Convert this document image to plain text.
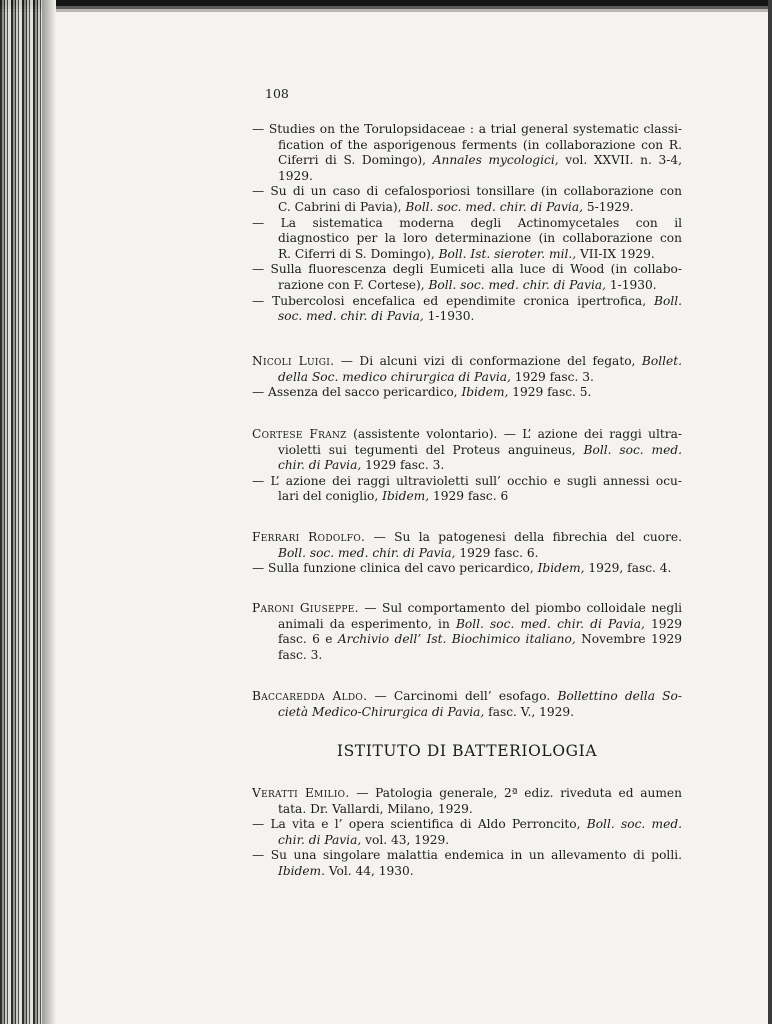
108
— Studies on the Torulopsidaceae : a trial general systematic classi-
fication of the asporigenous ferments (in collaborazione con R.
Ciferri di S. Domingo), Annales mycologici, vol. XXVII. n. 3-4,
1929.
— Su di un caso di cefalosporiosi tonsillare (in collaborazione con
C. Cabrini di Pavia), Boll. soc. med. chir. di Pavia, 5-1929.
— La sistematica moderna degli Actinomycetales con il
diagnostico per la loro determinazione (in collaborazione con
R. Ciferri di S. Domingo), Boll. Ist. sieroter. mil., VII-IX 1929.
— Sulla fluorescenza degli Eumiceti alla luce di Wood (in collabo-
razione con F. Cortese), Boll. soc. med. chir. di Pavia, 1-1930.
— Tubercolosi encefalica ed ependimite cronica ipertrofica, Boll.
soc. med. chir. di Pavia, 1-1930.
Nicoli Luigi. — Di alcuni vizi di conformazione del fegato, Bollet.
della Soc. medico chirurgica di Pavia, 1929 fasc. 3.
— Assenza del sacco pericardico, Ibidem, 1929 fasc. 5.
Cortese Franz (assistente volontario). — L’ azione dei raggi ultra-
violetti sui tegumenti del Proteus anguineus, Boll. soc. med.
chir. di Pavia, 1929 fasc. 3.
— L’ azione dei raggi ultravioletti sull’ occhio e sugli annessi ocu-
lari del coniglio, Ibidem, 1929 fasc. 6
Ferrari Rodolfo. — Su la patogenesi della fibrechia del cuore.
Boll. soc. med. chir. di Pavia, 1929 fasc. 6.
— Sulla funzione clinica del cavo pericardico, Ibidem, 1929, fasc. 4.
Paroni Giuseppe. — Sul comportamento del piombo colloidale negli
animali da esperimento, in Boll. soc. med. chir. di Pavia, 1929
fasc. 6 e Archivio dell’ Ist. Biochimico italiano, Novembre 1929
fasc. 3.
Baccaredda Aldo. — Carcinomi dell’ esofago. Bollettino della So-
cietà Medico-Chirurgica di Pavia, fasc. V., 1929.
ISTITUTO DI BATTERIOLOGIA
Veratti Emilio. — Patologia generale, 2ª ediz. riveduta ed aumen
tata. Dr. Vallardi, Milano, 1929.
— La vita e l’ opera scientifica di Aldo Perroncito, Boll. soc. med.
chir. di Pavia, vol. 43, 1929.
— Su una singolare malattia endemica in un allevamento di polli.
Ibidem. Vol. 44, 1930.
